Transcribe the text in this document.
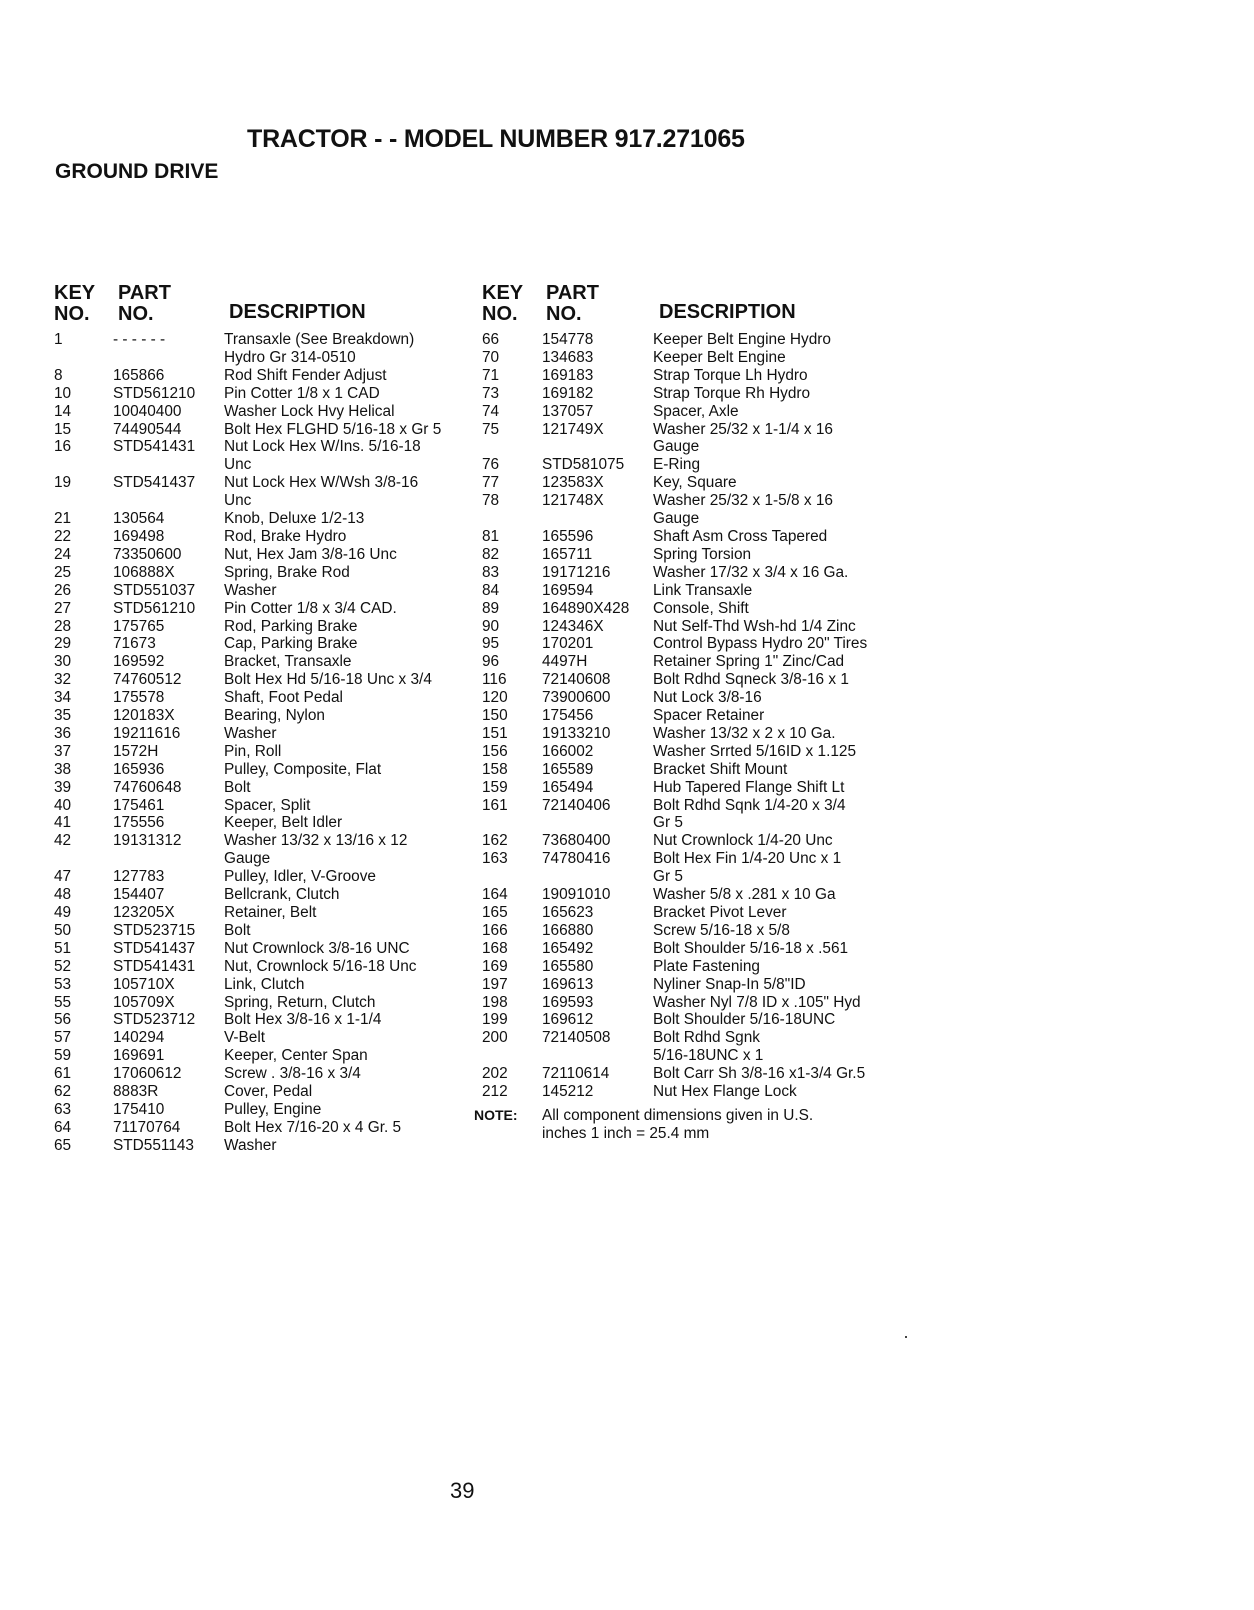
TRACTOR - - MODEL NUMBER 917.271065
GROUND DRIVE
KEY
NO.
PART
NO.	DESCRIPTION
1	- - - - - -	Transaxle (See Breakdown)
Hydro Gr 314-0510
8	165866	Rod Shift Fender Adjust
10	STD561210 Pin Cotter 1/8 x 1 CAD
14	10040400	Washer Lock Hvy Helical
15	74490544	Bolt Hex FLGHD 5/16-18 x Gr 5
16	STD541431 Nut Lock Hex W/Ins. 5/16-18
Unc
19	STD541437 Nut Lock Hex W/Wsh 3/8-16
Unc
21	130564	Knob, Deluxe 1/2-13
22	169498	Rod, Brake Hydro
24	73350600	Nut, Hex Jam 3/8-16 Unc
25	106888X	Spring, Brake Rod
26	STD551037 Washer
27	STD561210 Pin Cotter 1/8 x 3/4 CAD.
28	175765	Rod, Parking Brake
29	71673	Cap, Parking Brake
30	169592	Bracket, Transaxle
32	74760512	Bolt Hex Hd 5/16-18 Unc x 3/4
34	175578	Shaft, Foot Pedal
35	120183X	Bearing, Nylon
36	19211616	Washer
37	1572H	Pin, Roll
38	165936	Pulley, Composite, Flat
39	74760648	Bolt
40	175461	Spacer, Split
41	175556	Keeper, Belt Idler
42	19131312	Washer 13/32 x 13/16 x 12
Gauge
47	127783	Pulley, Idler, V-Groove
48	154407	Bellcrank, Clutch
49	123205X	Retainer, Belt
50	STD523715 Bolt
51	STD541437 Nut Crownlock 3/8-16 UNC
52	STD541431 Nut, Crownlock 5/16-18 Unc
53	105710X	Link, Clutch
55	105709X	Spring, Return, Clutch
56	STD523712 Bolt Hex 3/8-16 x 1-1/4
57	140294	V-Belt
59	169691	Keeper, Center Span
61	17060612	Screw . 3/8-16 x 3/4
62	8883R	Cover, Pedal
63	175410	Pulley, Engine
64	71170764	Bolt Hex 7/16-20 x 4 Gr. 5
65	STD551143 Washer
KEY
NO.
PART
NO.	DESCRIPTION
66	154778	Keeper Belt Engine Hydro
70	134683	Keeper Belt Engine
71	169183	Strap Torque Lh Hydro
73	169182	Strap Torque Rh Hydro
74	137057	Spacer, Axle
75	121749X	Washer 25/32 x 1-1/4 x 16
Gauge
76	STD581075 E-Ring
77	123583X	Key, Square
78	121748X	Washer 25/32 x 1-5/8 x 16
Gauge
81	165596	Shaft Asm Cross Tapered
82	165711	Spring Torsion
83	19171216	Washer 17/32 x 3/4 x 16 Ga.
84	169594	Link Transaxle
89	164890X428 Console, Shift
90	124346X	Nut Self-Thd Wsh-hd 1/4 Zinc
95	170201	Control Bypass Hydro 20" Tires
96	4497H	Retainer Spring 1" Zinc/Cad
116 72140608	Bolt Rdhd Sqneck 3/8-16 x 1
120 73900600	Nut Lock 3/8-16
150 175456	Spacer Retainer
151 19133210	Washer 13/32 x 2 x 10 Ga.
156 166002	Washer Srrted 5/16ID x 1.125
158 165589	Bracket Shift Mount
159 165494	Hub Tapered Flange Shift Lt
161 72140406	Bolt Rdhd Sqnk 1/4-20 x 3/4
Gr 5
162 73680400	Nut Crownlock 1/4-20 Unc
163 74780416	Bolt Hex Fin 1/4-20 Unc x 1
Gr 5
164 19091010	Washer 5/8 x .281 x 10 Ga
165 165623	Bracket Pivot Lever
166 166880	Screw 5/16-18 x 5/8
168 165492	Bolt Shoulder 5/16-18 x .561
169 165580	Plate Fastening
197 169613	Nyliner Snap-In 5/8"ID
198 169593	Washer Nyl 7/8 ID x .105" Hyd
199 169612	Bolt Shoulder 5/16-18UNC
200 72140508	Bolt Rdhd Sgnk
5/16-18UNC x 1
202 72110614	Bolt Carr Sh 3/8-16 x1-3/4 Gr.5
212 145212	Nut Hex Flange Lock
NOTE: All component dimensions given in U.S.
inches 1 inch = 25.4 mm
39
